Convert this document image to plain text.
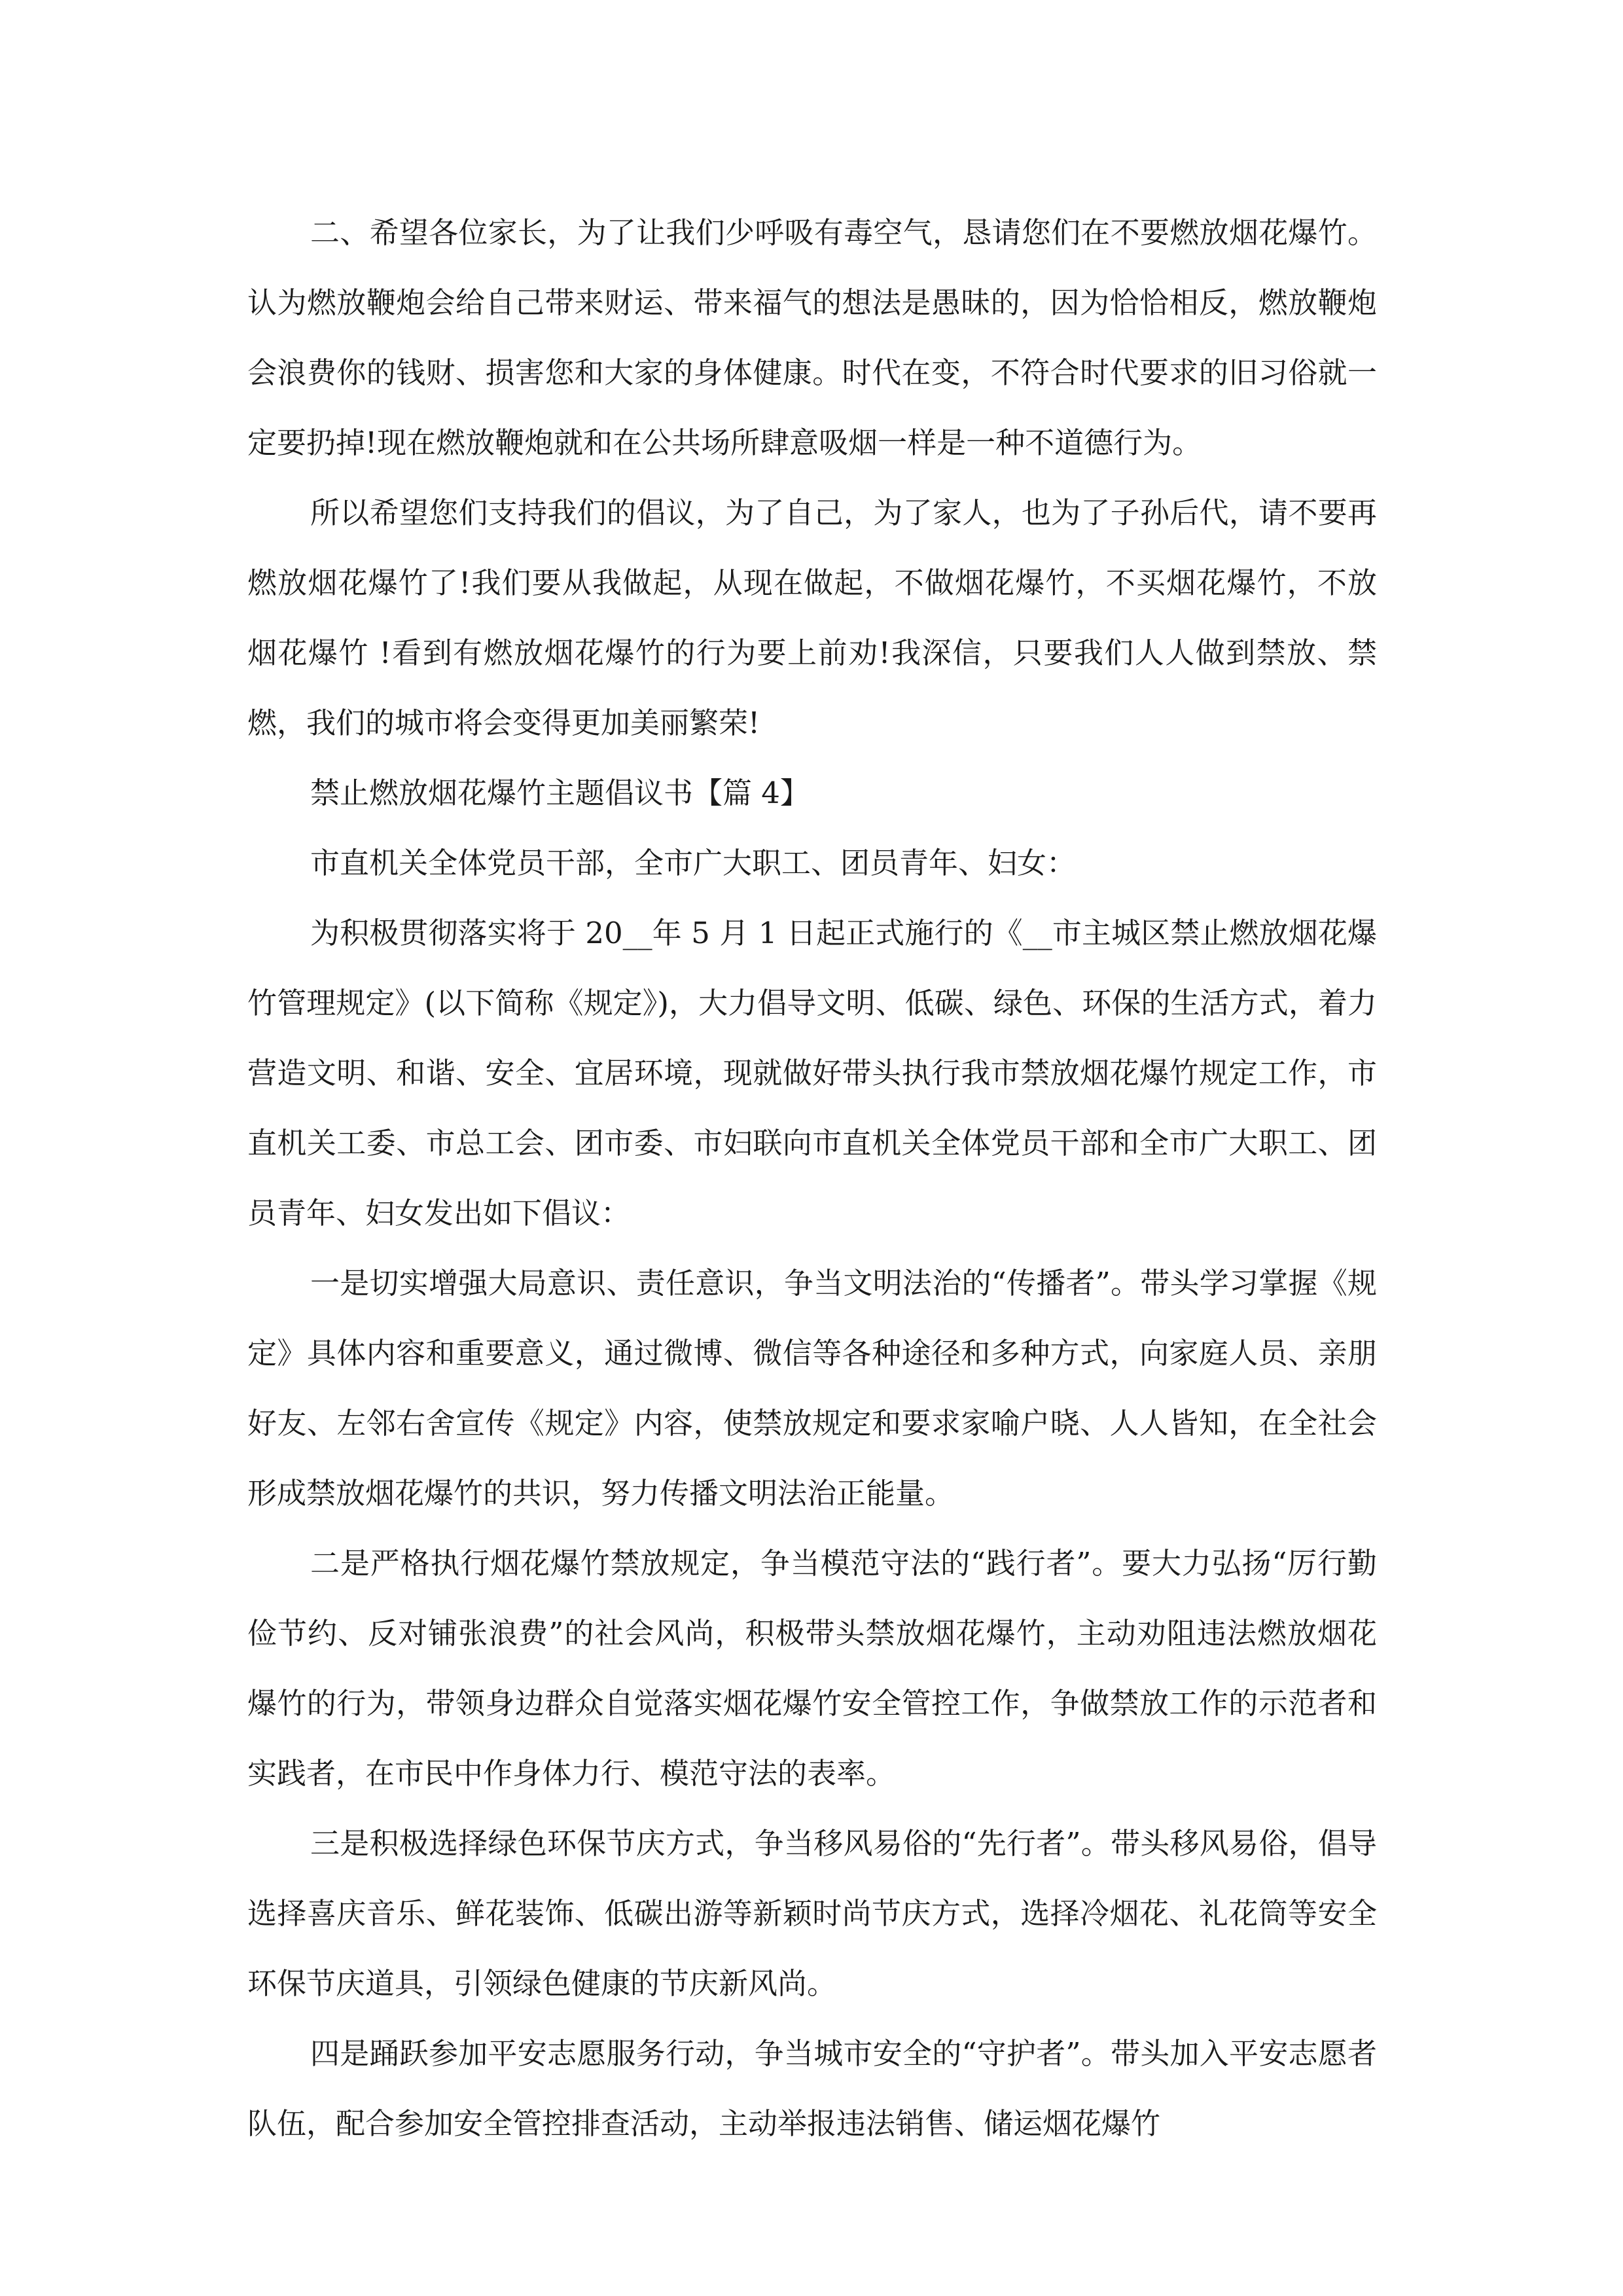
二、希望各位家长，为了让我们少呼吸有毒空气，恳请您们在不要燃放烟花爆竹。认为燃放鞭炮会给自己带来财运、带来福气的想法是愚昧的，因为恰恰相反，燃放鞭炮会浪费你的钱财、损害您和大家的身体健康。时代在变，不符合时代要求的旧习俗就一定要扔掉!现在燃放鞭炮就和在公共场所肆意吸烟一样是一种不道德行为。

所以希望您们支持我们的倡议，为了自己，为了家人，也为了子孙后代，请不要再燃放烟花爆竹了!我们要从我做起，从现在做起，不做烟花爆竹，不买烟花爆竹，不放烟花爆竹 !看到有燃放烟花爆竹的行为要上前劝!我深信，只要我们人人做到禁放、禁燃，我们的城市将会变得更加美丽繁荣!

禁止燃放烟花爆竹主题倡议书【篇 4】

市直机关全体党员干部，全市广大职工、团员青年、妇女：

为积极贯彻落实将于 20__年 5 月 1 日起正式施行的《__市主城区禁止燃放烟花爆竹管理规定》(以下简称《规定》)，大力倡导文明、低碳、绿色、环保的生活方式，着力营造文明、和谐、安全、宜居环境，现就做好带头执行我市禁放烟花爆竹规定工作，市直机关工委、市总工会、团市委、市妇联向市直机关全体党员干部和全市广大职工、团员青年、妇女发出如下倡议：

一是切实增强大局意识、责任意识，争当文明法治的“传播者”。带头学习掌握《规定》具体内容和重要意义，通过微博、微信等各种途径和多种方式，向家庭人员、亲朋好友、左邻右舍宣传《规定》内容，使禁放规定和要求家喻户晓、人人皆知，在全社会形成禁放烟花爆竹的共识，努力传播文明法治正能量。

二是严格执行烟花爆竹禁放规定，争当模范守法的“践行者”。要大力弘扬“厉行勤俭节约、反对铺张浪费”的社会风尚，积极带头禁放烟花爆竹，主动劝阻违法燃放烟花爆竹的行为，带领身边群众自觉落实烟花爆竹安全管控工作，争做禁放工作的示范者和实践者，在市民中作身体力行、模范守法的表率。

三是积极选择绿色环保节庆方式，争当移风易俗的“先行者”。带头移风易俗，倡导选择喜庆音乐、鲜花装饰、低碳出游等新颖时尚节庆方式，选择冷烟花、礼花筒等安全环保节庆道具，引领绿色健康的节庆新风尚。

四是踊跃参加平安志愿服务行动，争当城市安全的“守护者”。带头加入平安志愿者队伍，配合参加安全管控排查活动，主动举报违法销售、储运烟花爆竹
